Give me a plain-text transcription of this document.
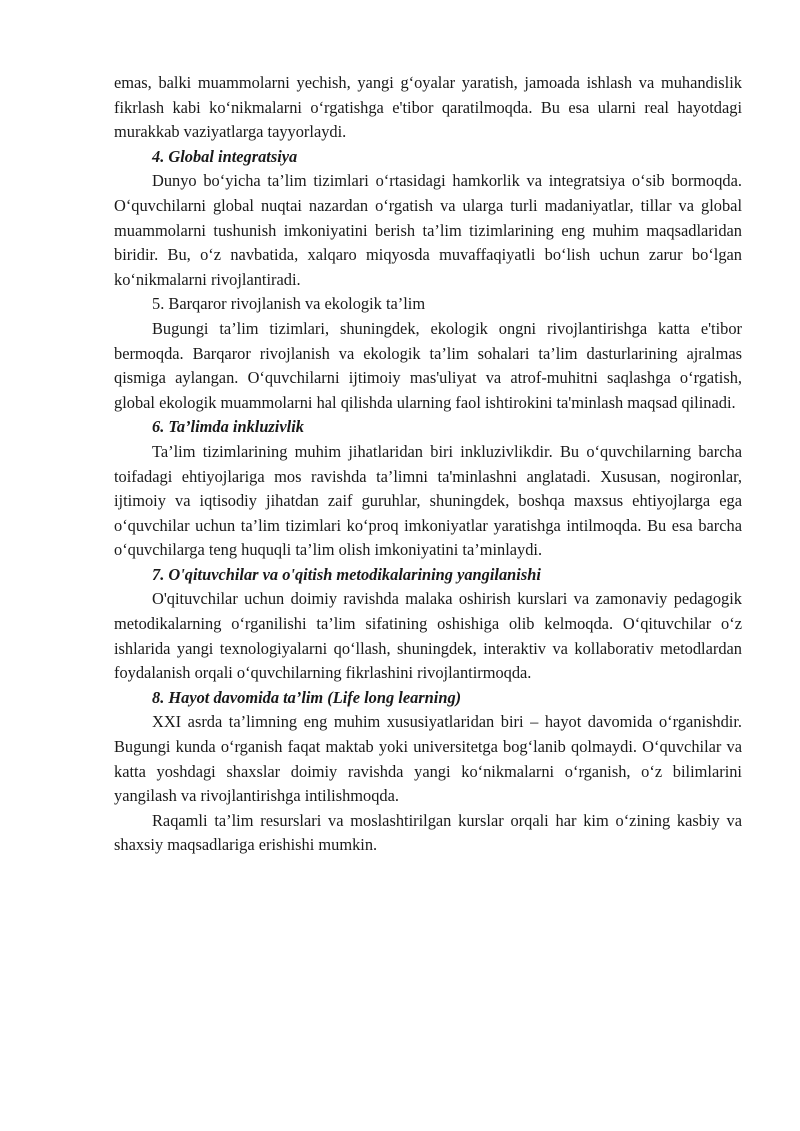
emas, balki muammolarni yechish, yangi g‘oyalar yaratish, jamoada ishlash va muhandislik fikrlash kabi ko‘nikmalarni o‘rgatishga e'tibor qaratilmoqda. Bu esa ularni real hayotdagi murakkab vaziyatlarga tayyorlaydi.

4. Global integratsiya

Dunyo bo‘yicha ta’lim tizimlari o‘rtasidagi hamkorlik va integratsiya o‘sib bormoqda. O‘quvchilarni global nuqtai nazardan o‘rgatish va ularga turli madaniyatlar, tillar va global muammolarni tushunish imkoniyatini berish ta’lim tizimlarining eng muhim maqsadlaridan biridir. Bu, o‘z navbatida, xalqaro miqyosda muvaffaqiyatli bo‘lish uchun zarur bo‘lgan ko‘nikmalarni rivojlantiradi.

5. Barqaror rivojlanish va ekologik ta’lim

Bugungi ta’lim tizimlari, shuningdek, ekologik ongni rivojlantirishga katta e'tibor bermoqda. Barqaror rivojlanish va ekologik ta’lim sohalari ta’lim dasturlarining ajralmas qismiga aylangan. O‘quvchilarni ijtimoiy mas'uliyat va atrof-muhitni saqlashga o‘rgatish, global ekologik muammolarni hal qilishda ularning faol ishtirokini ta'minlash maqsad qilinadi.

6. Ta’limda inkluzivlik

Ta’lim tizimlarining muhim jihatlaridan biri inkluzivlikdir. Bu o‘quvchilarning barcha toifadagi ehtiyojlariga mos ravishda ta’limni ta'minlashni anglatadi. Xususan, nogironlar, ijtimoiy va iqtisodiy jihatdan zaif guruhlar, shuningdek, boshqa maxsus ehtiyojlarga ega o‘quvchilar uchun ta’lim tizimlari ko‘proq imkoniyatlar yaratishga intilmoqda. Bu esa barcha o‘quvchilarga teng huquqli ta’lim olish imkoniyatini ta’minlaydi.

7. O'qituvchilar va o'qitish metodikalarining yangilanishi

O'qituvchilar uchun doimiy ravishda malaka oshirish kurslari va zamonaviy pedagogik metodikalarning o‘rganilishi ta’lim sifatining oshishiga olib kelmoqda. O‘qituvchilar o‘z ishlarida yangi texnologiyalarni qo‘llash, shuningdek, interaktiv va kollaborativ metodlardan foydalanish orqali o‘quvchilarning fikrlashini rivojlantirmoqda.

8. Hayot davomida ta’lim (Life long learning)

XXI asrda ta’limning eng muhim xususiyatlaridan biri – hayot davomida o‘rganishdir. Bugungi kunda o‘rganish faqat maktab yoki universitetga bog‘lanib qolmaydi. O‘quvchilar va katta yoshdagi shaxslar doimiy ravishda yangi ko‘nikmalarni o‘rganish, o‘z bilimlarini yangilash va rivojlantirishga intilishmoqda.

Raqamli ta’lim resurslari va moslashtirilgan kurslar orqali har kim o‘zining kasbiy va shaxsiy maqsadlariga erishishi mumkin.
